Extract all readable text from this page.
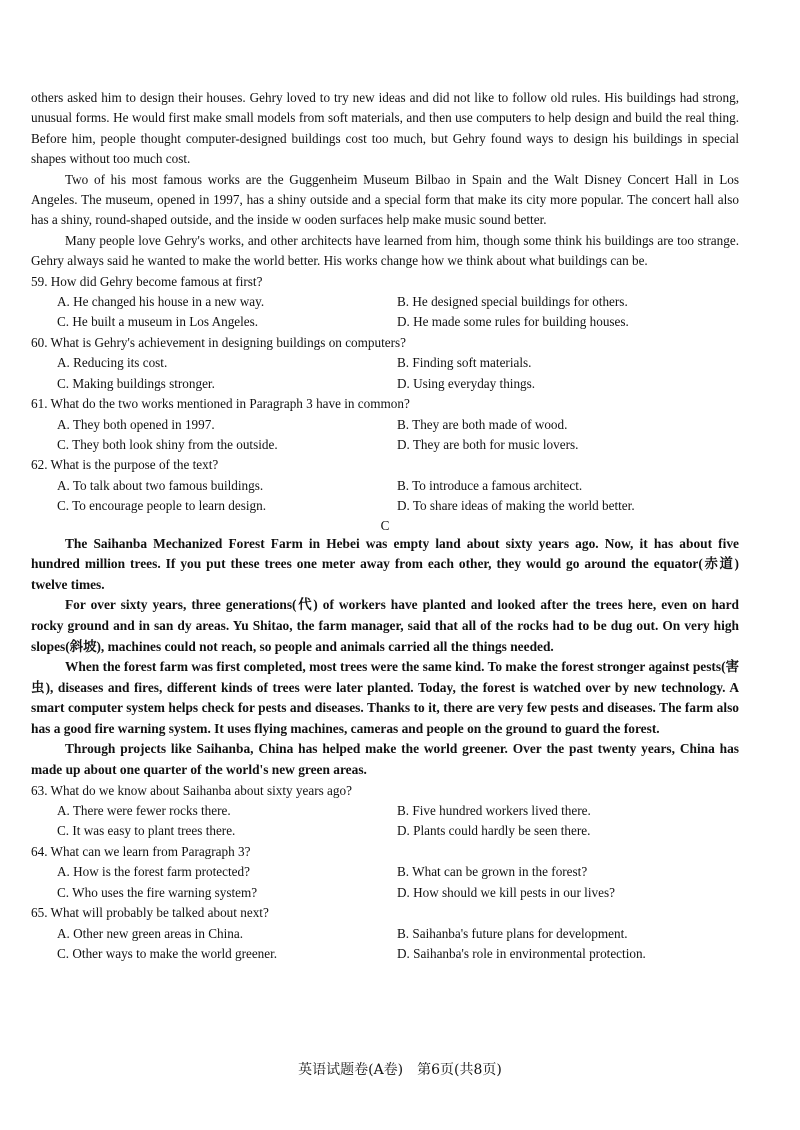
others asked him to design their houses. Gehry loved to try new ideas and did not like to follow old rules. His buildings had strong, unusual forms. He would first make small models from soft materials, and then use computers to help design and build the real thing. Before him, people thought computer-designed buildings cost too much, but Gehry found ways to design his buildings in special shapes without too much cost.

Two of his most famous works are the Guggenheim Museum Bilbao in Spain and the Walt Disney Concert Hall in Los Angeles. The museum, opened in 1997, has a shiny outside and a special form that make its city more popular. The concert hall also has a shiny, round-shaped outside, and the inside w ooden surfaces help make music sound better.

Many people love Gehry's works, and other architects have learned from him, though some think his buildings are too strange. Gehry always said he wanted to make the world better. His works change how we think about what buildings can be.

59. How did Gehry become famous at first?
A. He changed his house in a new way.	B. He designed special buildings for others.
C. He built a museum in Los Angeles.	D. He made some rules for building houses.
60. What is Gehry's achievement in designing buildings on computers?
A. Reducing its cost.	B. Finding soft materials.
C. Making buildings stronger.	D. Using everyday things.
61. What do the two works mentioned in Paragraph 3 have in common?
A. They both opened in 1997.	B. They are both made of wood.
C. They both look shiny from the outside.	D. They are both for music lovers.
62. What is the purpose of the text?
A. To talk about two famous buildings.	B. To introduce a famous architect.
C. To encourage people to learn design.	D. To share ideas of making the world better.
C

The Saihanba Mechanized Forest Farm in Hebei was empty land about sixty years ago. Now, it has about five hundred million trees. If you put these trees one meter away from each other, they would go around the equator(赤道) twelve times.

For over sixty years, three generations(代) of workers have planted and looked after the trees here, even on hard rocky ground and in san dy areas. Yu Shitao, the farm manager, said that all of the rocks had to be dug out. On very high slopes(斜坡), machines could not reach, so people and animals carried all the things needed.

When the forest farm was first completed, most trees were the same kind. To make the forest stronger against pests(害虫), diseases and fires, different kinds of trees were later planted. Today, the forest is watched over by new technology. A smart computer system helps check for pests and diseases. Thanks to it, there are very few pests and diseases. The farm also has a good fire warning system. It uses flying machines, cameras and people on the ground to guard the forest.

Through projects like Saihanba, China has helped make the world greener. Over the past twenty years, China has made up about one quarter of the world's new green areas.

63. What do we know about Saihanba about sixty years ago?
A. There were fewer rocks there.	B. Five hundred workers lived there.
C. It was easy to plant trees there.	D. Plants could hardly be seen there.
64. What can we learn from Paragraph 3?
A. How is the forest farm protected?	B. What can be grown in the forest?
C. Who uses the fire warning system?	D. How should we kill pests in our lives?
65. What will probably be talked about next?
A. Other new green areas in China.	B. Saihanba's future plans for development.
C. Other ways to make the world greener.	D. Saihanba's role in environmental protection.
英语试题卷(A卷)　第6页(共8页)
